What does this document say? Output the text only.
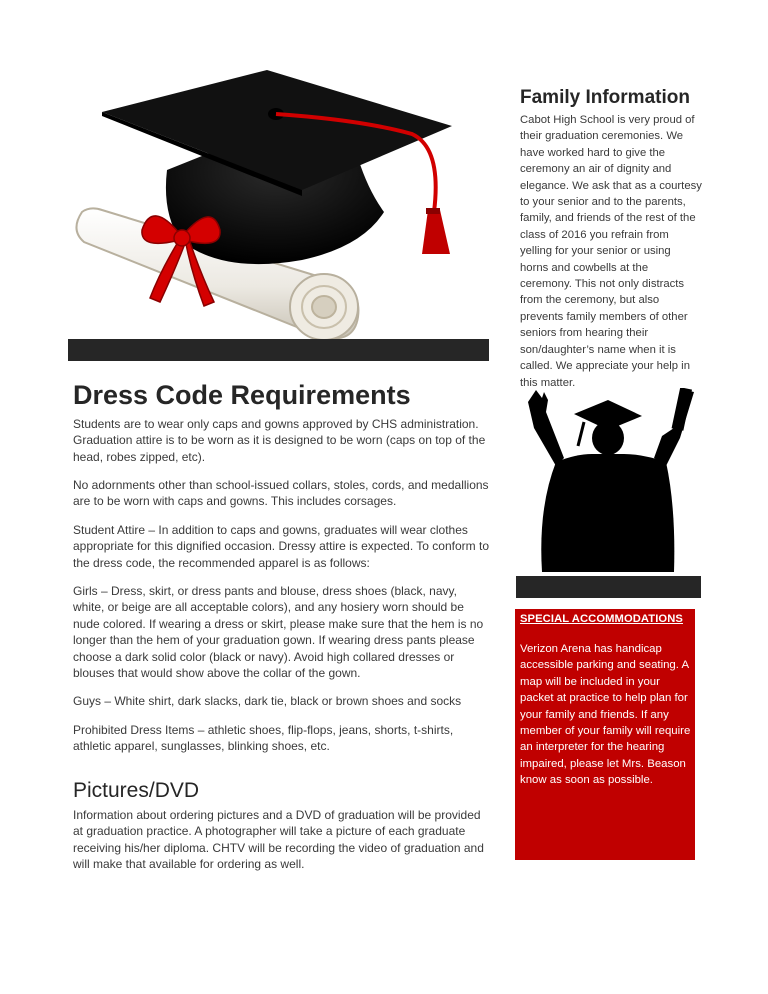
Dress Code Requirements

Students are to wear only caps and gowns approved by CHS administration. Graduation attire is to be worn as it is designed to be worn (caps on top of the head, robes zipped, etc).

No adornments other than school-issued collars, stoles, cords, and medallions are to be worn with caps and gowns. This includes corsages.

Student Attire – In addition to caps and gowns, graduates will wear clothes appropriate for this dignified occasion. Dressy attire is expected. To conform to the dress code, the recommended apparel is as follows:

Girls – Dress, skirt, or dress pants and blouse, dress shoes (black, navy, white, or beige are all acceptable colors), and any hosiery worn should be nude colored. If wearing a dress or skirt, please make sure that the hem is no longer than the hem of your graduation gown. If wearing dress pants please choose a dark solid color (black or navy). Avoid high collared dresses or blouses that would show above the collar of the gown.

Guys – White shirt, dark slacks, dark tie, black or brown shoes and socks

Prohibited Dress Items – athletic shoes, flip-flops, jeans, shorts, t-shirts, athletic apparel, sunglasses, blinking shoes, etc.

Pictures/DVD

Information about ordering pictures and a DVD of graduation will be provided at graduation practice. A photographer will take a picture of each graduate receiving his/her diploma. CHTV will be recording the video of graduation and will make that available for ordering as well.

Family Information

Cabot High School is very proud of their graduation ceremonies. We have worked hard to give the ceremony an air of dignity and elegance. We ask that as a courtesy to your senior and to the parents, family, and friends of the rest of the class of 2016 you refrain from yelling for your senior or using horns and cowbells at the ceremony. This not only distracts from the ceremony, but also prevents family members of other seniors from hearing their son/daughter’s name when it is called. We appreciate your help in this matter.

SPECIAL ACCOMMODATIONS

Verizon Arena has handicap accessible parking and seating. A map will be included in your packet at practice to help plan for your family and friends. If any member of your family will require an interpreter for the hearing impaired, please let Mrs. Beason know as soon as possible.
